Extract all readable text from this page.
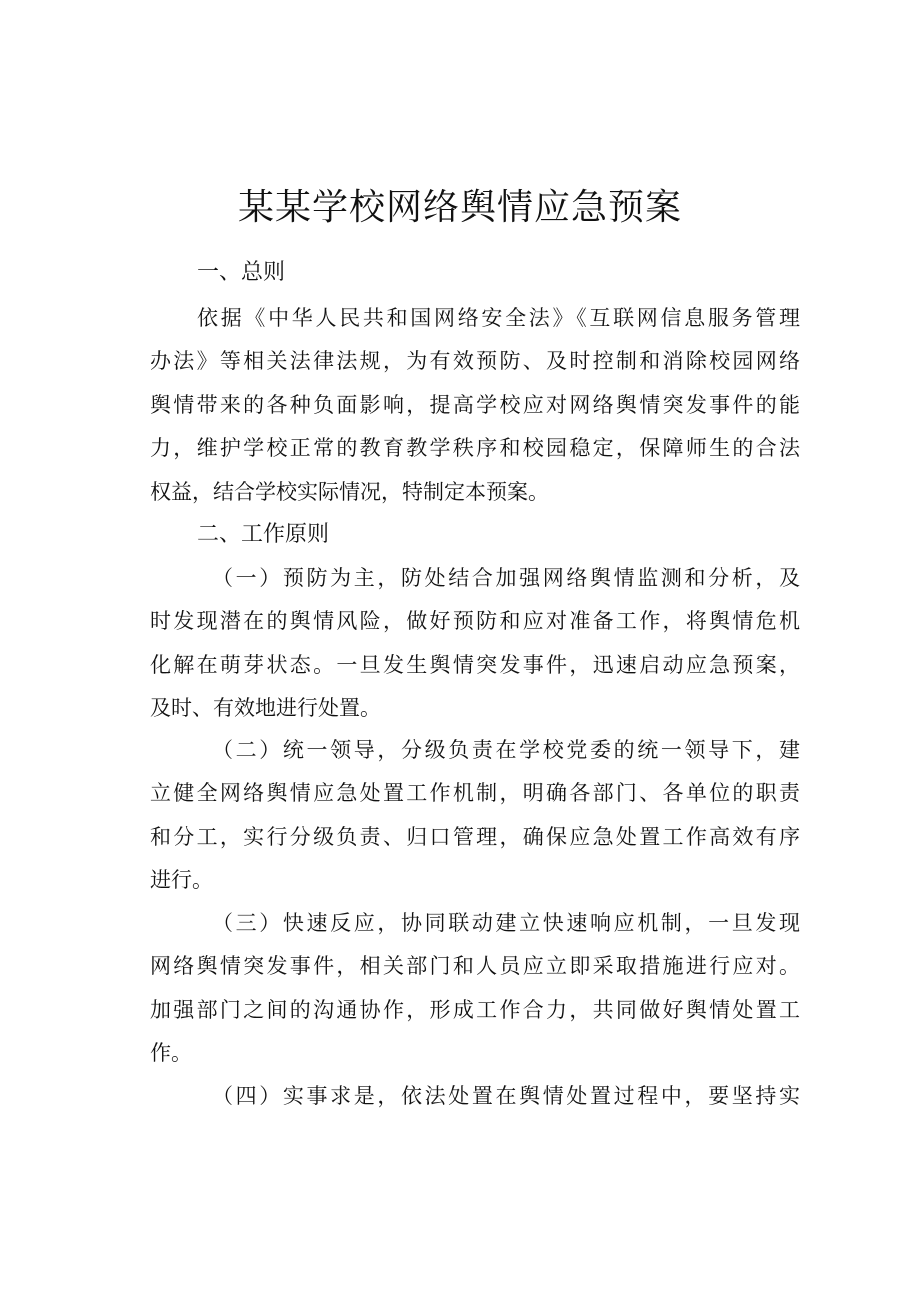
某某学校网络舆情应急预案
一、总则

依据《中华人民共和国网络安全法》《互联网信息服务管理
办法》等相关法律法规，为有效预防、及时控制和消除校园网络
舆情带来的各种负面影响，提高学校应对网络舆情突发事件的能
力，维护学校正常的教育教学秩序和校园稳定，保障师生的合法
权益，结合学校实际情况，特制定本预案。

二、工作原则

（一）预防为主，防处结合加强网络舆情监测和分析，及
时发现潜在的舆情风险，做好预防和应对准备工作，将舆情危机
化解在萌芽状态。一旦发生舆情突发事件，迅速启动应急预案，
及时、有效地进行处置。

（二）统一领导，分级负责在学校党委的统一领导下，建
立健全网络舆情应急处置工作机制，明确各部门、各单位的职责
和分工，实行分级负责、归口管理，确保应急处置工作高效有序
进行。

（三）快速反应，协同联动建立快速响应机制，一旦发现
网络舆情突发事件，相关部门和人员应立即采取措施进行应对。
加强部门之间的沟通协作，形成工作合力，共同做好舆情处置工
作。

（四）实事求是，依法处置在舆情处置过程中，要坚持实
